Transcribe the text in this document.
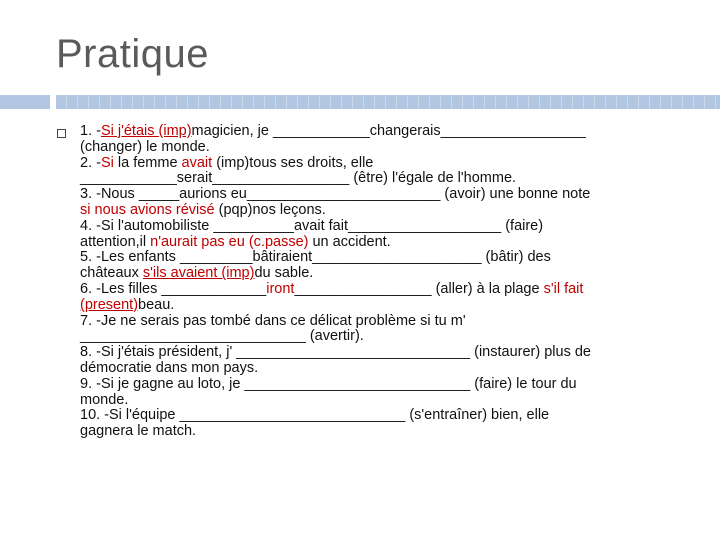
Pratique

1. -Si j'étais (imp)magicien, je ____________changerais__________________
(changer) le monde.

2. -Si la femme avait (imp)tous ses droits, elle
____________serait_________________ (être) l'égale de l'homme.

3. -Nous _____aurions eu________________________ (avoir) une bonne note
si nous avions révisé (pqp)nos leçons.

4. -Si l'automobiliste __________avait fait___________________ (faire)
attention,il n'aurait pas eu (c.passe) un accident.

5. -Les enfants _________bâtiraient_____________________ (bâtir) des
châteaux s'ils avaient (imp)du sable.

6. -Les filles _____________iront_________________ (aller) à la plage s'il fait
(present)beau.

7. -Je ne serais pas tombé dans ce délicat problème si tu m'
____________________________ (avertir).

8. -Si j'étais président, j' _____________________________ (instaurer) plus de
démocratie dans mon pays.

9. -Si je gagne au loto, je ____________________________ (faire) le tour du
monde.

10. -Si l'équipe ____________________________ (s'entraîner) bien, elle
gagnera le match.
